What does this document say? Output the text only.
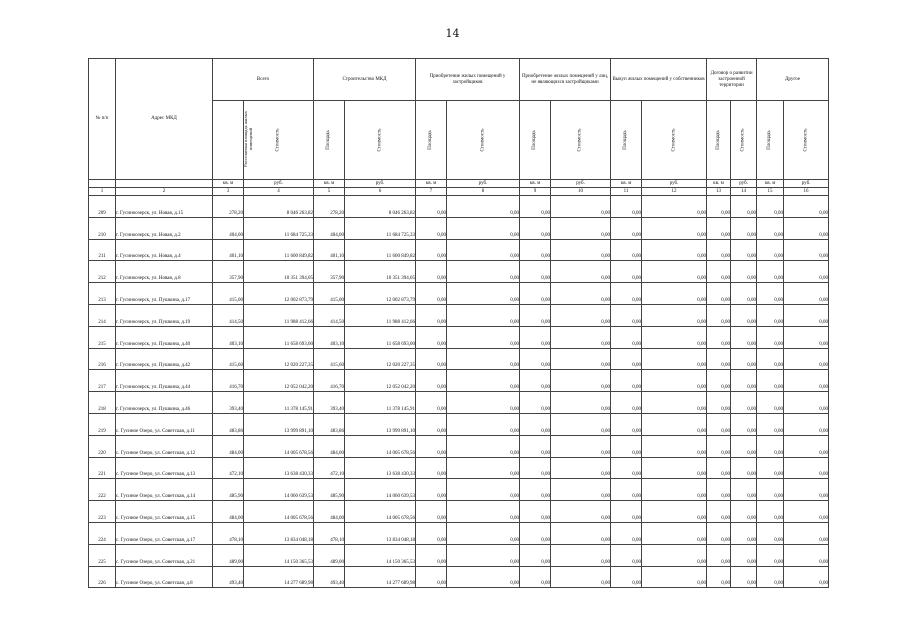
14
№ п/п	Адрес МКД	Всего		Строительство МКД		Приобретение жилых помещений у застройщиков		Приобретение жилых помещений у лиц, не являющихся застройщиками		Выкуп жилых помещений у собственников		Договор о развитии застроенной территории		Другое	
		Расселяемая площадь жилых помещений	Стоимость	Площадь	Стоимость	Площадь	Стоимость	Площадь	Стоимость	Площадь	Стоимость	Площадь	Стоимость	Площадь	Стоимость
		кв. м	руб.	кв. м	руб.	кв. м	руб.	кв. м	руб.	кв. м	руб.	кв. м	руб.	кв. м	руб.
1	2	3	4	5	6	7	8	9	10	11	12	13	14	15	16
209	г. Гусиноозерск, ул. Новая, д.15	278,20	8 046 263,82	278,20	8 046 263,82	0,00	0,00	0,00	0,00	0,00	0,00	0,00	0,00	0,00	0,00
210	г. Гусиноозерск, ул. Новая, д.2	404,00	11 684 725,33	404,00	11 684 725,33	0,00	0,00	0,00	0,00	0,00	0,00	0,00	0,00	0,00	0,00
211	г. Гусиноозерск, ул. Новая, д.4	401,10	11 600 849,82	401,10	11 600 849,82	0,00	0,00	0,00	0,00	0,00	0,00	0,00	0,00	0,00	0,00
212	г. Гусиноозерск, ул. Новая, д.8	357,90	10 351 394,05	357,90	10 351 394,05	0,00	0,00	0,00	0,00	0,00	0,00	0,00	0,00	0,00	0,00
213	г. Гусиноозерск, ул. Пушкина, д.17	415,00	12 002 873,79	415,00	12 002 873,79	0,00	0,00	0,00	0,00	0,00	0,00	0,00	0,00	0,00	0,00
214	г. Гусиноозерск, ул. Пушкина, д.19	414,50	11 988 412,66	414,50	11 988 412,66	0,00	0,00	0,00	0,00	0,00	0,00	0,00	0,00	0,00	0,00
215	г. Гусиноозерск, ул. Пушкина, д.40	403,10	11 658 693,00	403,10	11 658 693,00	0,00	0,00	0,00	0,00	0,00	0,00	0,00	0,00	0,00	0,00
216	г. Гусиноозерск, ул. Пушкина, д.42	415,60	12 020 227,35	415,60	12 020 227,35	0,00	0,00	0,00	0,00	0,00	0,00	0,00	0,00	0,00	0,00
217	г. Гусиноозерск, ул. Пушкина, д.44	416,70	12 052 042,20	416,70	12 052 042,20	0,00	0,00	0,00	0,00	0,00	0,00	0,00	0,00	0,00	0,00
218	г. Гусиноозерск, ул. Пушкина, д.46	393,40	11 378 145,91	393,40	11 378 145,91	0,00	0,00	0,00	0,00	0,00	0,00	0,00	0,00	0,00	0,00
219	с. Гусиное Озеро, ул. Советская, д.11	483,86	13 999 891,10	483,86	13 999 891,10	0,00	0,00	0,00	0,00	0,00	0,00	0,00	0,00	0,00	0,00
220	с. Гусиное Озеро, ул. Советская, д.12	484,00	14 005 678,56	484,00	14 005 678,56	0,00	0,00	0,00	0,00	0,00	0,00	0,00	0,00	0,00	0,00
221	с. Гусиное Озеро, ул. Советская, д.13	472,10	13 638 430,33	472,10	13 638 430,33	0,00	0,00	0,00	0,00	0,00	0,00	0,00	0,00	0,00	0,00
222	с. Гусиное Озеро, ул. Советская, д.14	485,90	14 060 639,53	485,90	14 060 639,53	0,00	0,00	0,00	0,00	0,00	0,00	0,00	0,00	0,00	0,00
223	с. Гусиное Озеро, ул. Советская, д.15	484,00	14 005 678,56	484,00	14 005 678,56	0,00	0,00	0,00	0,00	0,00	0,00	0,00	0,00	0,00	0,00
224	с. Гусиное Озеро, ул. Советская, д.17	478,10	13 834 048,18	478,10	13 834 048,18	0,00	0,00	0,00	0,00	0,00	0,00	0,00	0,00	0,00	0,00
225	с. Гусиное Озеро, ул. Советская, д.21	489,00	14 150 365,53	489,00	14 150 365,53	0,00	0,00	0,00	0,00	0,00	0,00	0,00	0,00	0,00	0,00
226	с. Гусиное Озеро, ул. Советская, д.8	493,40	14 277 689,98	493,40	14 277 689,98	0,00	0,00	0,00	0,00	0,00	0,00	0,00	0,00	0,00	0,00
